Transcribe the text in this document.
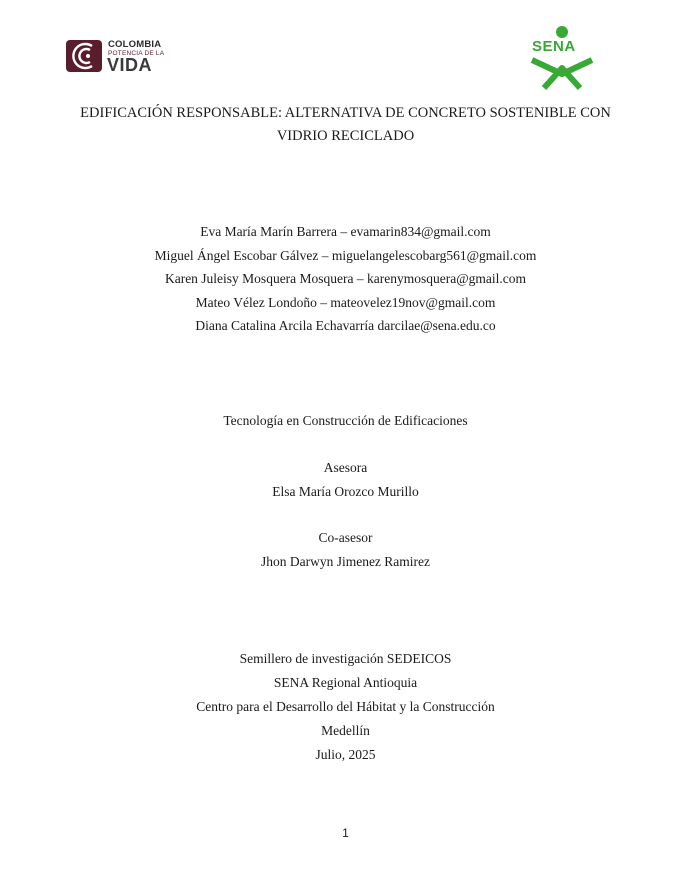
COLOMBIA
POTENCIA DE LA
VIDA
SENA
EDIFICACIÓN RESPONSABLE: ALTERNATIVA DE CONCRETO SOSTENIBLE CON
VIDRIO RECICLADO
Eva María Marín Barrera – evamarin834@gmail.com
Miguel Ángel Escobar Gálvez – miguelangelescobarg561@gmail.com
Karen Juleisy Mosquera Mosquera – karenymosquera@gmail.com
Mateo Vélez Londoño – mateovelez19nov@gmail.com
Diana Catalina Arcila Echavarría darcilae@sena.edu.co
Tecnología en Construcción de Edificaciones
Asesora
Elsa María Orozco Murillo
Co-asesor
Jhon Darwyn Jimenez Ramirez
Semillero de investigación SEDEICOS
SENA Regional Antioquia
Centro para el Desarrollo del Hábitat y la Construcción
Medellín
Julio, 2025
1
